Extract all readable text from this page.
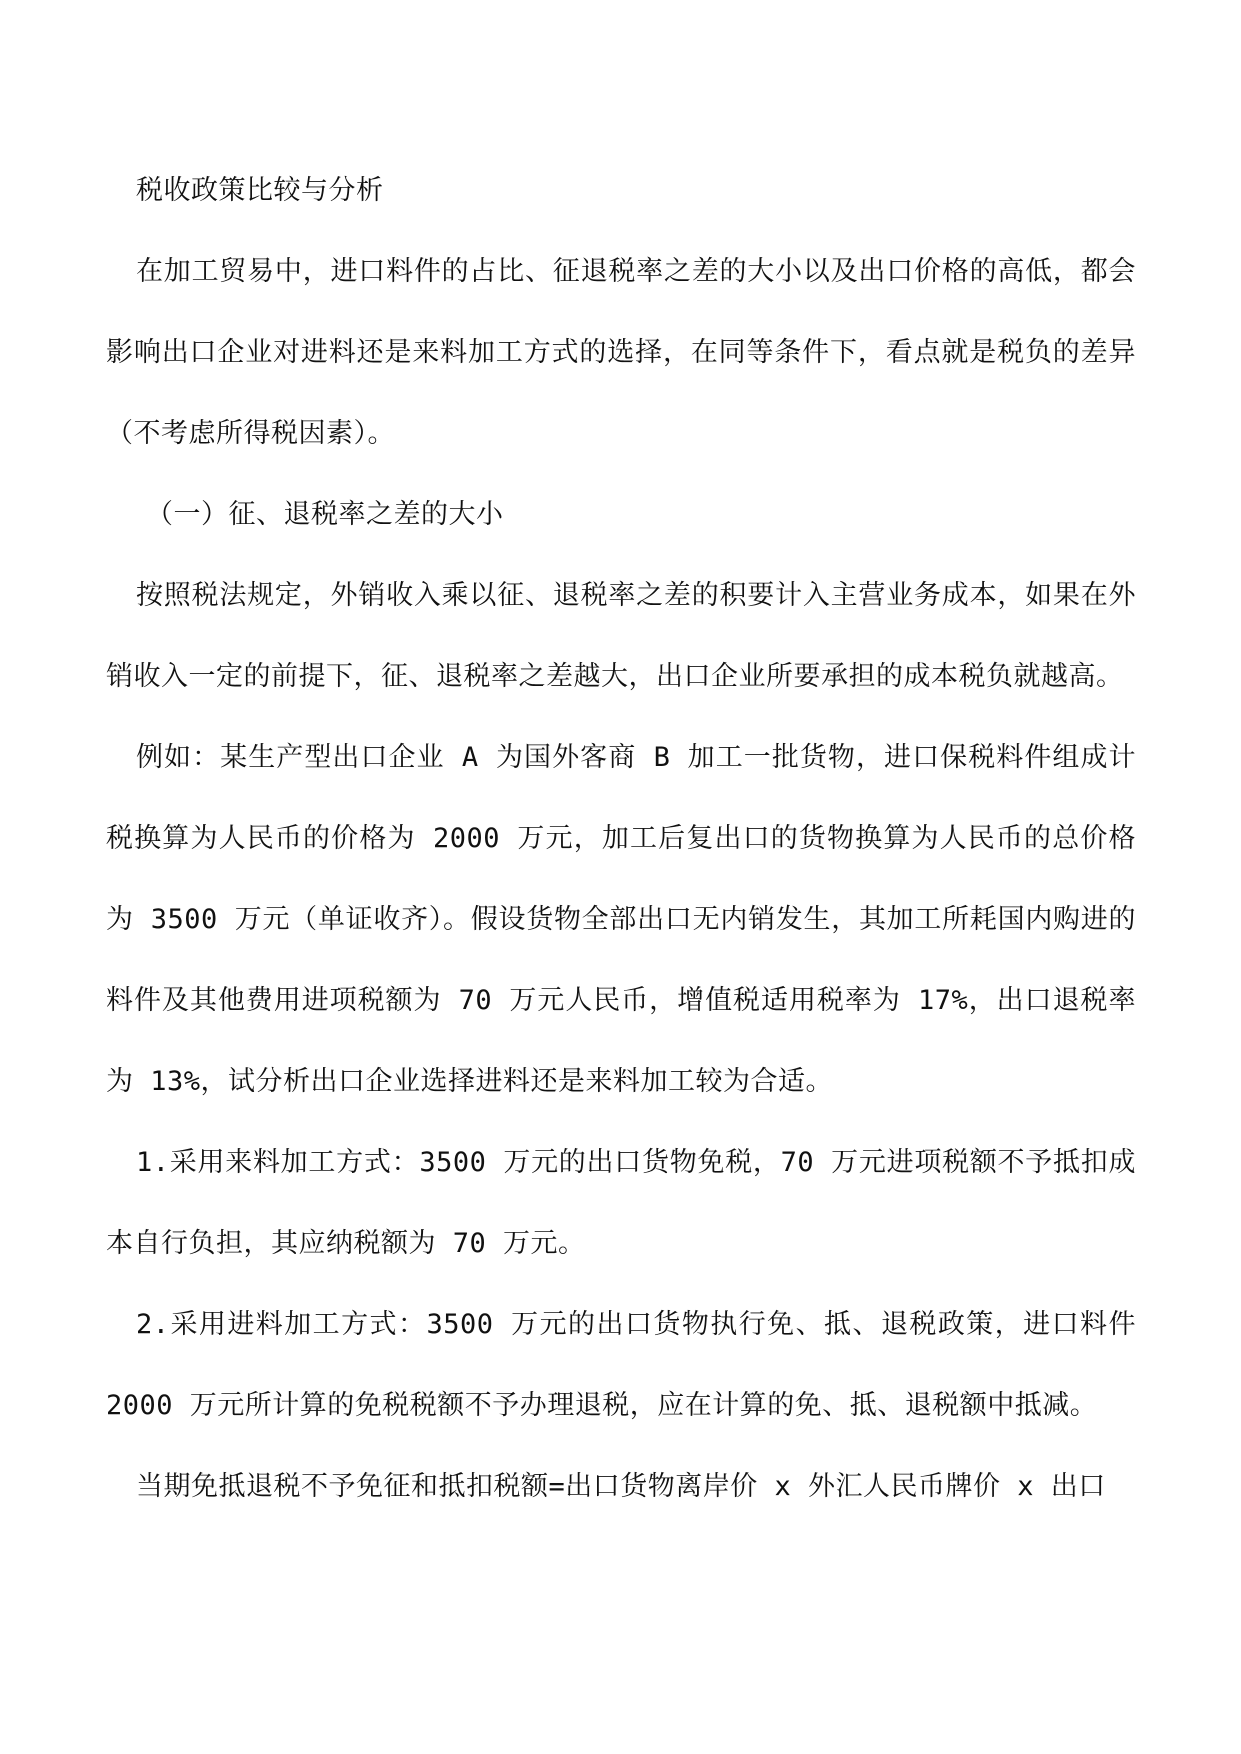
税收政策比较与分析

在加工贸易中，进口料件的占比、征退税率之差的大小以及出口价格的高低，都会影响出口企业对进料还是来料加工方式的选择，在同等条件下，看点就是税负的差异（不考虑所得税因素）。

（一）征、退税率之差的大小

按照税法规定，外销收入乘以征、退税率之差的积要计入主营业务成本，如果在外销收入一定的前提下，征、退税率之差越大，出口企业所要承担的成本税负就越高。

例如：某生产型出口企业 A 为国外客商 B 加工一批货物，进口保税料件组成计税换算为人民币的价格为 2000 万元，加工后复出口的货物换算为人民币的总价格为 3500 万元（单证收齐）。假设货物全部出口无内销发生，其加工所耗国内购进的料件及其他费用进项税额为 70 万元人民币，增值税适用税率为 17%，出口退税率为 13%，试分析出口企业选择进料还是来料加工较为合适。

1.采用来料加工方式：3500 万元的出口货物免税，70 万元进项税额不予抵扣成本自行负担，其应纳税额为 70 万元。

2.采用进料加工方式：3500 万元的出口货物执行免、抵、退税政策，进口料件 2000 万元所计算的免税税额不予办理退税，应在计算的免、抵、退税额中抵减。

当期免抵退税不予免征和抵扣税额=出口货物离岸价 x 外汇人民币牌价 x 出口
